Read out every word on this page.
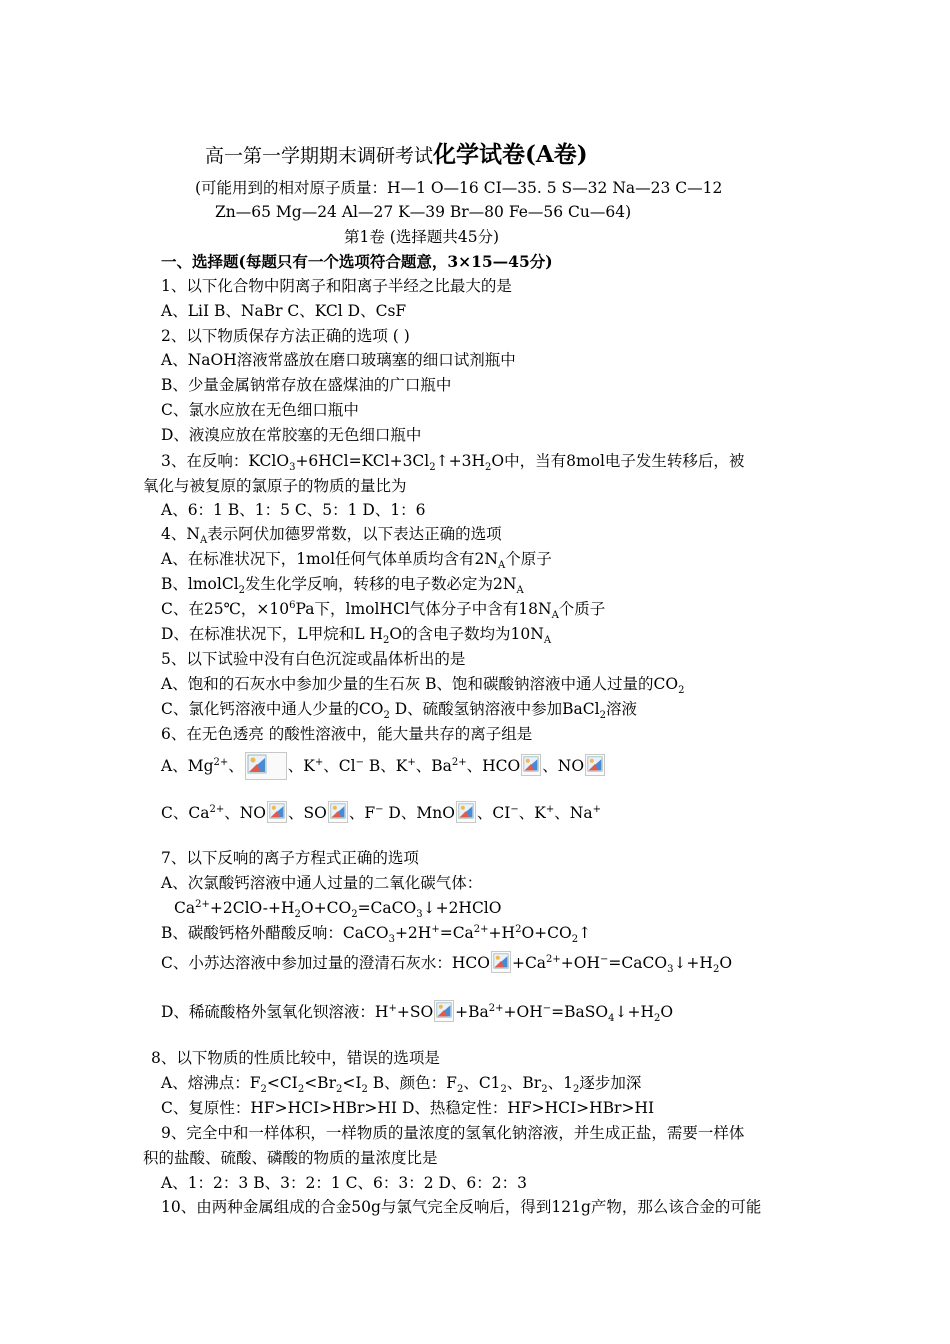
高一第一学期期末调研考试化学试卷(A卷)
(可能用到的相对原子质量：H—1 O—16 CI—35. 5 S—32 Na—23 C—12
Zn—65 Mg—24 Al—27 K—39 Br—80 Fe—56 Cu—64)
第1卷 (选择题共45分)
一、选择题(每题只有一个选项符合题意，3×15—45分)
1、以下化合物中阴离子和阳离子半经之比最大的是
A、LiI B、NaBr C、KCl D、CsF
2、以下物质保存方法正确的选项 ( )
A、NaOH溶液常盛放在磨口玻璃塞的细口试剂瓶中
B、少量金属钠常存放在盛煤油的广口瓶中
C、氯水应放在无色细口瓶中
D、液溴应放在常胶塞的无色细口瓶中
3、在反响：$KClO_3+6HCl=KCl+3Cl_2↑+3H_2O$中，当有8mol电子发生转移后，被
氧化与被复原的氯原子的物质的量比为
A、6：1 B、1：5 C、5：1 D、1：6
4、$N_A$表示阿伏加德罗常数，以下表达正确的选项
A、在标准状况下，1mol任何气体单质均含有$2N_A$个原子
B、lmolCl$_2$发生化学反响，转移的电子数必定为$2N_A$
C、在25℃，$\times 10^6Pa$下，lmolHCl气体分子中含有$18N_A$个质子
D、在标准状况下，L甲烷和L $H_2O$的含电子数均为$10N_A$
5、以下试验中没有白色沉淀或晶体析出的是
A、饱和的石灰水中参加少量的生石灰 B、饱和碳酸钠溶液中通人过量的$CO_2$
C、氯化钙溶液中通人少量的$CO_2$ D、硫酸氢钠溶液中参加BaCl$_2$溶液
6、在无色透亮 的酸性溶液中，能大量共存的离子组是
A、$Mg^{2+}$、	、K+、Cl− B、K+、$Ba^{2+}$、HCO 、NO
C、$Ca^{2+}$、NO 、SO 、F− D、MnO 、CI−、K+、Na+
7、以下反响的离子方程式正确的选项
A、次氯酸钙溶液中通人过量的二氧化碳气体：
$Ca^{2+}+2ClO-+H_2O+CO_2=CaCO_3↓+2HClO$
B、碳酸钙格外醋酸反响：$CaCO_3+2H^+=Ca^{2+}+H^2O+CO_2↑$
C、小苏达溶液中参加过量的澄清石灰水：HCO $+Ca^{2+}+OH^-=CaCO_3↓+H_2O$
D、稀硫酸格外氢氧化钡溶液：$H^++SO +Ba^{2+}+OH^-=BaSO_4↓+H_2O$
8、以下物质的性质比较中，错误的选项是
A、熔沸点：$F_2<CI_2<Br_2<I_2$ B、颜色：$F_2$、$C1_2$、$Br_2$、$1_2$逐步加深
C、复原性：HF>HCI>HBr>HI D、热稳定性：HF>HCI>HBr>HI
9、完全中和一样体积，一样物质的量浓度的氢氧化钠溶液，并生成正盐，需要一样体
积的盐酸、硫酸、磷酸的物质的量浓度比是
A、1：2：3 B、3：2：1 C、6：3：2 D、6：2：3
10、由两种金属组成的合金50g与氯气完全反响后，得到121g产物，那么该合金的可能
